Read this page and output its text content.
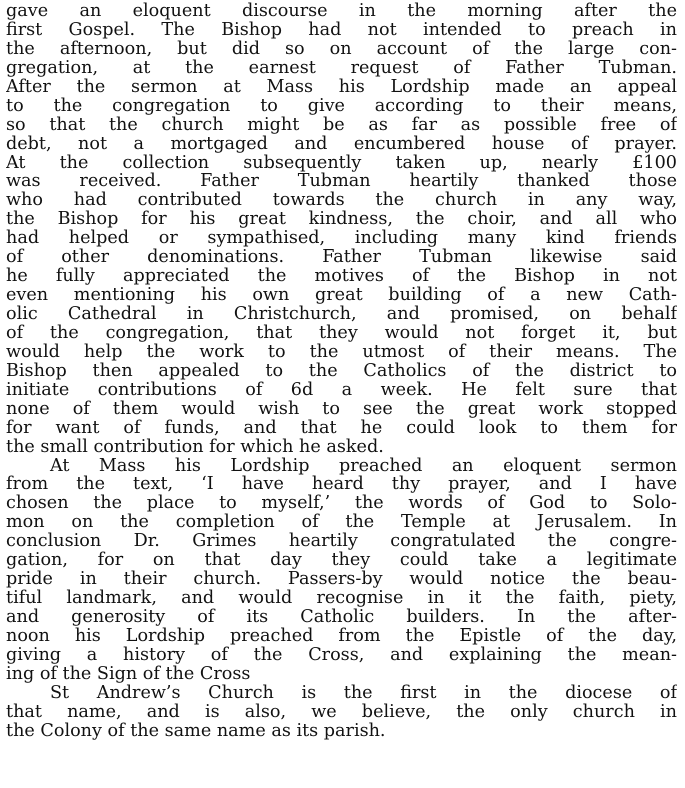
gave an eloquent discourse in the morning after the
first Gospel. The Bishop had not intended to preach in
the afternoon, but did so on account of the large con-
gregation, at the earnest request of Father Tubman.
After the sermon at Mass his Lordship made an appeal
to the congregation to give according to their means,
so that the church might be as far as possible free of
debt, not a mortgaged and encumbered house of prayer.
At the collection subsequently taken up, nearly £100
was received. Father Tubman heartily thanked those
who had contributed towards the church in any way,
the Bishop for his great kindness, the choir, and all who
had helped or sympathised, including many kind friends
of other denominations. Father Tubman likewise said
he fully appreciated the motives of the Bishop in not
even mentioning his own great building of a new Cath-
olic Cathedral in Christchurch, and promised, on behalf
of the congregation, that they would not forget it, but
would help the work to the utmost of their means. The
Bishop then appealed to the Catholics of the district to
initiate contributions of 6d a week. He felt sure that
none of them would wish to see the great work stopped
for want of funds, and that he could look to them for
the small contribution for which he asked.
At Mass his Lordship preached an eloquent sermon
from the text, ‘I have heard thy prayer, and I have
chosen the place to myself,’ the words of God to Solo-
mon on the completion of the Temple at Jerusalem. In
conclusion Dr. Grimes heartily congratulated the congre-
gation, for on that day they could take a legitimate
pride in their church. Passers-by would notice the beau-
tiful landmark, and would recognise in it the faith, piety,
and generosity of its Catholic builders. In the after-
noon his Lordship preached from the Epistle of the day,
giving a history of the Cross, and explaining the mean-
ing of the Sign of the Cross
St Andrew’s Church is the first in the diocese of
that name, and is also, we believe, the only church in
the Colony of the same name as its parish.
